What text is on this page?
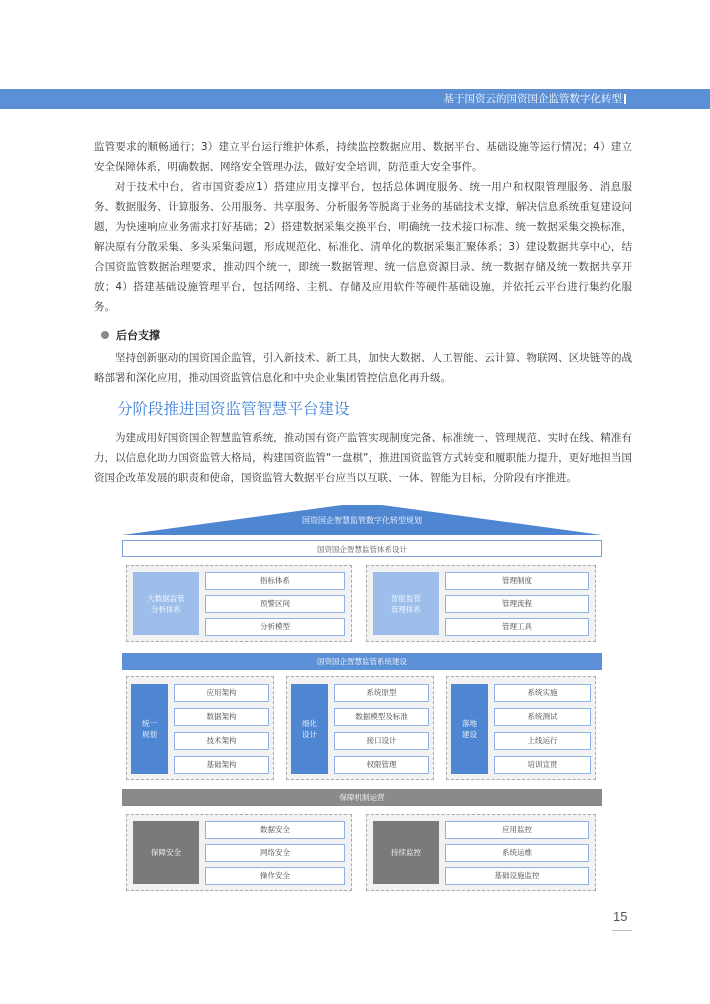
基于国资云的国资国企监管数字化转型

监管要求的顺畅通行；3）建立平台运行维护体系，持续监控数据应用、数据平台、基础设施等运行情况；4）建立安全保障体系，明确数据、网络安全管理办法，做好安全培训，防范重大安全事件。

对于技术中台，省市国资委应1）搭建应用支撑平台，包括总体调度服务、统一用户和权限管理服务、消息服务、数据服务、计算服务、公用服务、共享服务、分析服务等脱离于业务的基础技术支撑，解决信息系统重复建设问题，为快速响应业务需求打好基础；2）搭建数据采集交换平台，明确统一技术接口标准、统一数据采集交换标准，解决原有分散采集、多头采集问题，形成规范化、标准化、清单化的数据采集汇聚体系；3）建设数据共享中心，结合国资监管数据治理要求，推动四个统一，即统一数据管理、统一信息资源目录、统一数据存储及统一数据共享开放；4）搭建基础设施管理平台，包括网络、主机、存储及应用软件等硬件基础设施，并依托云平台进行集约化服务。

后台支撑

坚持创新驱动的国资国企监管，引入新技术、新工具，加快大数据、人工智能、云计算、物联网、区块链等的战略部署和深化应用，推动国资监管信息化和中央企业集团管控信息化再升级。

分阶段推进国资监管智慧平台建设

为建成用好国资国企智慧监管系统，推动国有资产监管实现制度完备、标准统一、管理规范、实时在线、精准有力，以信息化助力国资监管大格局，构建国资监管“一盘棋”，推进国资监管方式转变和履职能力提升，更好地担当国资国企改革发展的职责和使命，国资监管大数据平台应当以互联、一体、智能为目标，分阶段有序推进。

国资国企智慧监管数字化转型规划
国资国企智慧监管体系设计
大数据监管
分析体系
指标体系
预警区间
分析模型
智能监管
管理体系
管理制度
管理流程
管理工具
国资国企智慧监管系统建设
统一
规划
应用架构
数据架构
技术架构
基础架构
细化
设计
系统原型
数据模型及标准
接口设计
权限管理
落地
建设
系统实施
系统测试
上线运行
培训宣贯
保障机制运营
保障安全
数据安全
网络安全
操作安全
持续监控
应用监控
系统运维
基础设施监控
15
